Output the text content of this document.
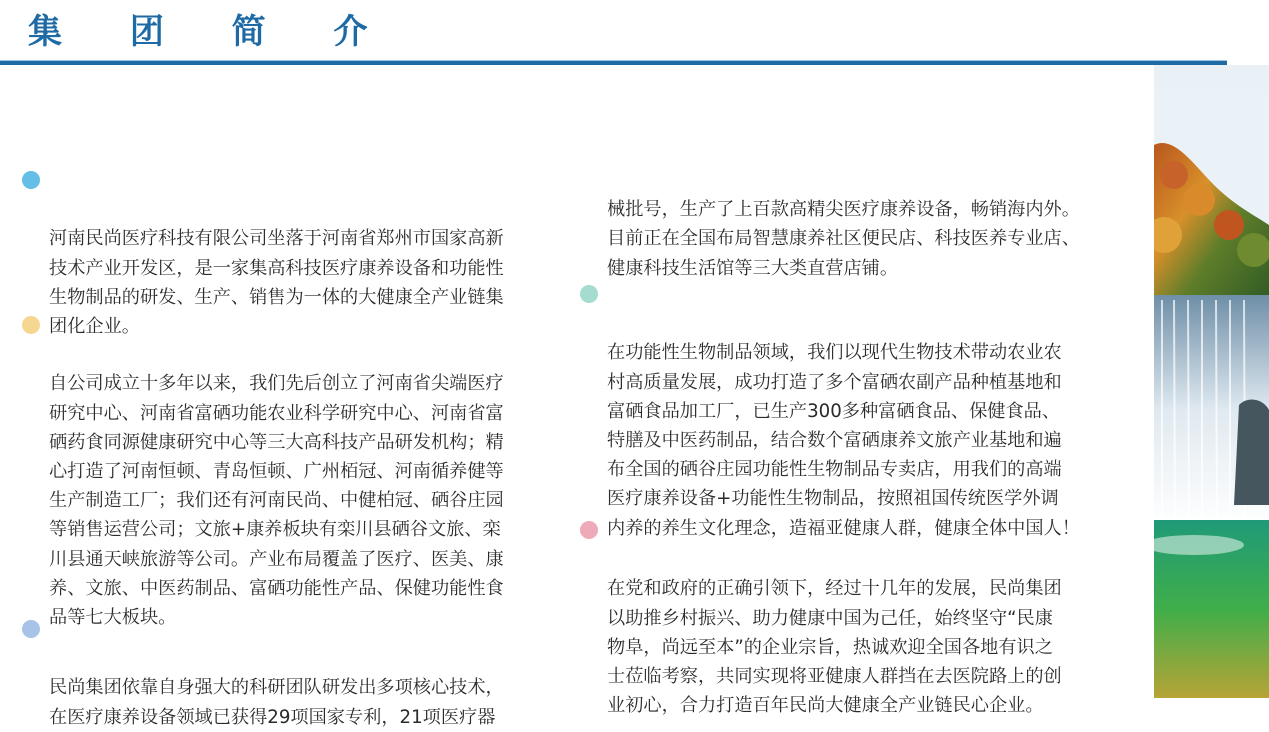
集 团 简 介

河南民尚医疗科技有限公司坐落于河南省郑州市国家高新
技术产业开发区，是一家集高科技医疗康养设备和功能性
生物制品的研发、生产、销售为一体的大健康全产业链集
团化企业。

自公司成立十多年以来，我们先后创立了河南省尖端医疗
研究中心、河南省富硒功能农业科学研究中心、河南省富
硒药食同源健康研究中心等三大高科技产品研发机构；精
心打造了河南恒顿、青岛恒顿、广州栢冠、河南循养健等
生产制造工厂；我们还有河南民尚、中健柏冠、硒谷庄园
等销售运营公司；文旅+康养板块有栾川县硒谷文旅、栾
川县通天峡旅游等公司。产业布局覆盖了医疗、医美、康
养、文旅、中医药制品、富硒功能性产品、保健功能性食
品等七大板块。

民尚集团依靠自身强大的科研团队研发出多项核心技术，
在医疗康养设备领域已获得29项国家专利，21项医疗器

械批号，生产了上百款高精尖医疗康养设备，畅销海内外。
目前正在全国布局智慧康养社区便民店、科技医养专业店、
健康科技生活馆等三大类直营店铺。

在功能性生物制品领域，我们以现代生物技术带动农业农
村高质量发展，成功打造了多个富硒农副产品种植基地和
富硒食品加工厂，已生产300多种富硒食品、保健食品、
特膳及中医药制品，结合数个富硒康养文旅产业基地和遍
布全国的硒谷庄园功能性生物制品专卖店，用我们的高端
医疗康养设备+功能性生物制品，按照祖国传统医学外调
内养的养生文化理念，造福亚健康人群，健康全体中国人！

在党和政府的正确引领下，经过十几年的发展，民尚集团
以助推乡村振兴、助力健康中国为己任，始终坚守“民康
物阜，尚远至本”的企业宗旨，热诚欢迎全国各地有识之
士莅临考察，共同实现将亚健康人群挡在去医院路上的创
业初心，合力打造百年民尚大健康全产业链民心企业。
